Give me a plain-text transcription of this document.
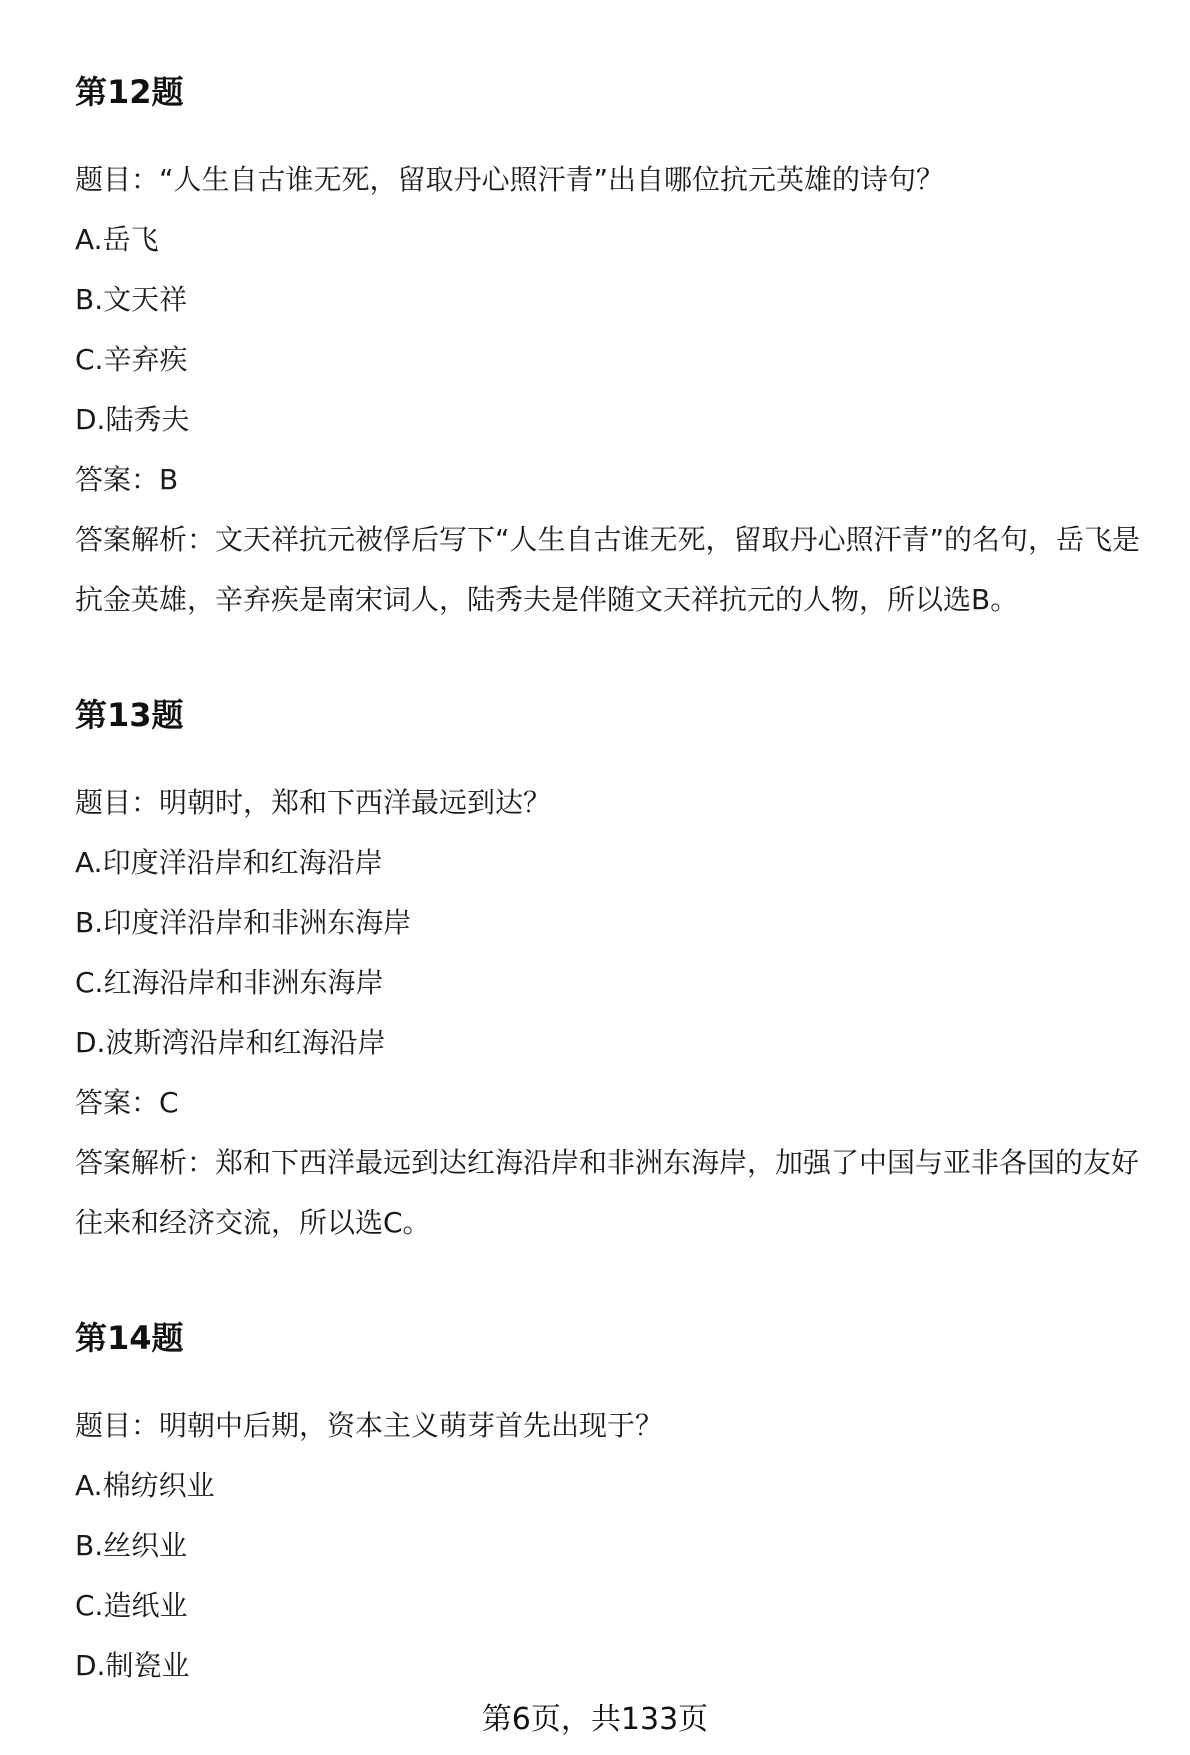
第12题

题目：“人生自古谁无死，留取丹心照汗青”出自哪位抗元英雄的诗句？

A.岳飞

B.文天祥

C.辛弃疾

D.陆秀夫

答案：B

答案解析：文天祥抗元被俘后写下“人生自古谁无死，留取丹心照汗青”的名句，岳飞是抗金英雄，辛弃疾是南宋词人，陆秀夫是伴随文天祥抗元的人物，所以选B。

第13题

题目：明朝时，郑和下西洋最远到达？

A.印度洋沿岸和红海沿岸

B.印度洋沿岸和非洲东海岸

C.红海沿岸和非洲东海岸

D.波斯湾沿岸和红海沿岸

答案：C

答案解析：郑和下西洋最远到达红海沿岸和非洲东海岸，加强了中国与亚非各国的友好往来和经济交流，所以选C。

第14题

题目：明朝中后期，资本主义萌芽首先出现于？

A.棉纺织业

B.丝织业

C.造纸业

D.制瓷业

第6页，共133页
